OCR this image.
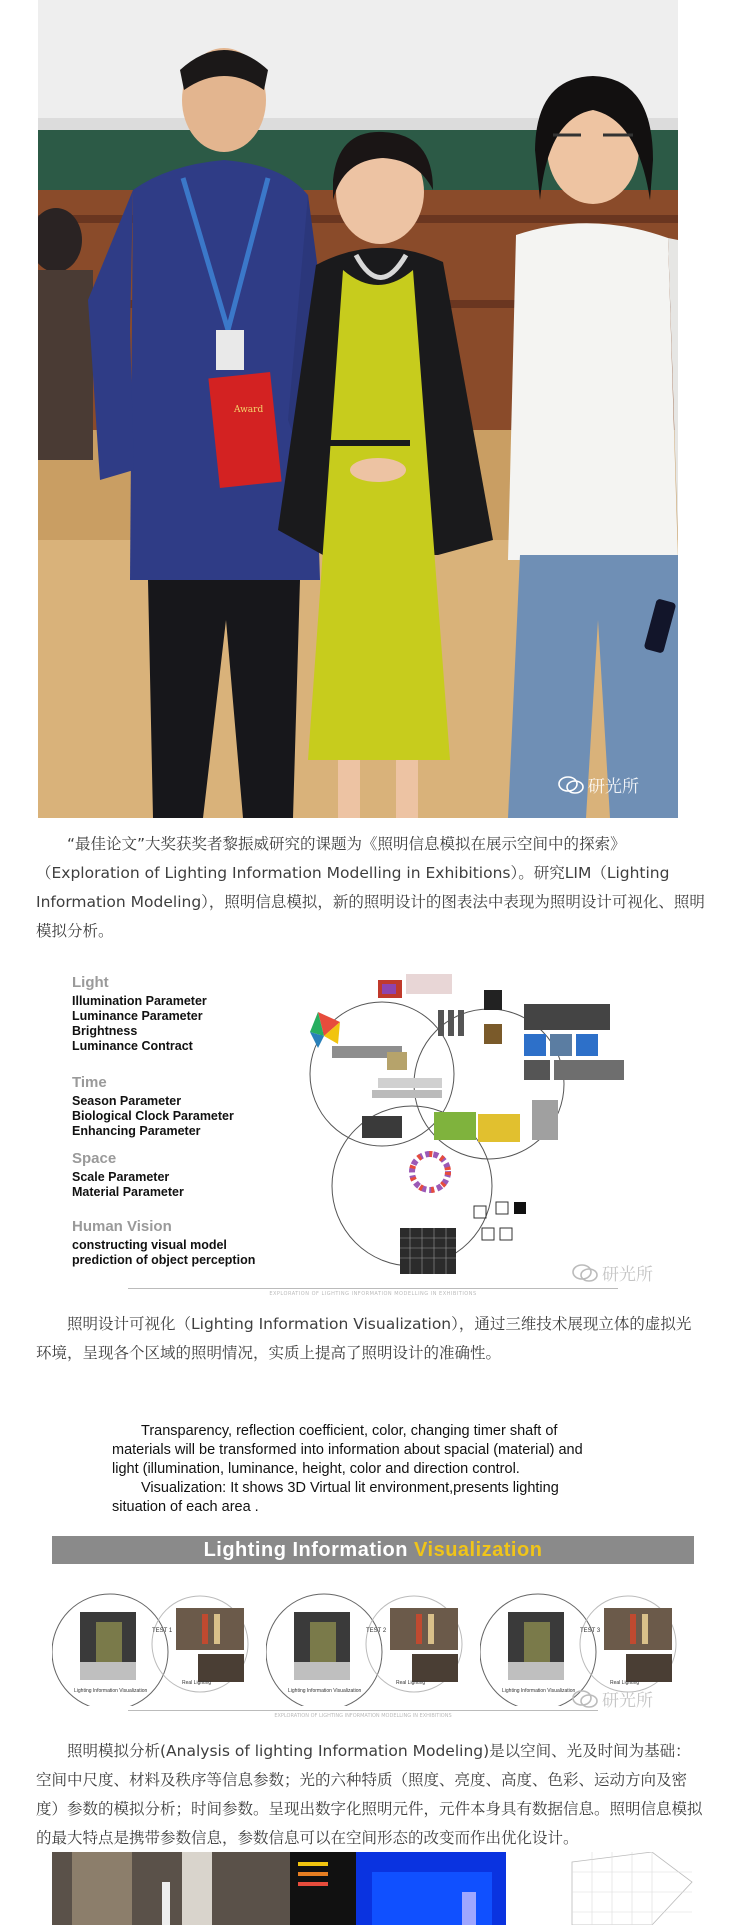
Award
研光所

“最佳论文”大奖获奖者黎振威研究的课题为《照明信息模拟在展示空间中的探索》（Exploration of Lighting Information Modelling in Exhibitions）。研究LIM（Lighting Information Modeling），照明信息模拟，新的照明设计的图表法中表现为照明设计可视化、照明模拟分析。

Light
Illumination Parameter
Luminance Parameter
Brightness
Luminance Contract
Time
Season Parameter
Biological Clock Parameter
Enhancing Parameter
Space
Scale Parameter
Material Parameter
Human Vision
constructing visual model
prediction of object perception
研光所
EXPLORATION OF LIGHTING INFORMATION MODELLING IN EXHIBITIONS

照明设计可视化（Lighting Information Visualization），通过三维技术展现立体的虚拟光环境，呈现各个区域的照明情况，实质上提高了照明设计的准确性。

Transparency, reflection coefficient, color, changing timer shaft of materials will be transformed into information about spacial (material) and light (illumination, luminance, height, color and direction control.

Visualization: It shows 3D Virtual lit environment,presents lighting situation of each area .

Lighting Information Visualization
TEST 1
Lighting Information Visualization
Real Lighting
TEST 2
Lighting Information Visualization
Real Lighting
TEST 3
Lighting Information Visualization
Real Lighting
研光所
EXPLORATION OF LIGHTING INFORMATION MODELLING IN EXHIBITIONS

照明模拟分析(Analysis of lighting Information Modeling)是以空间、光及时间为基础：空间中尺度、材料及秩序等信息参数；光的六种特质（照度、亮度、高度、色彩、运动方向及密度）参数的模拟分析；时间参数。呈现出数字化照明元件，元件本身具有数据信息。照明信息模拟的最大特点是携带参数信息，参数信息可以在空间形态的改变而作出优化设计。
